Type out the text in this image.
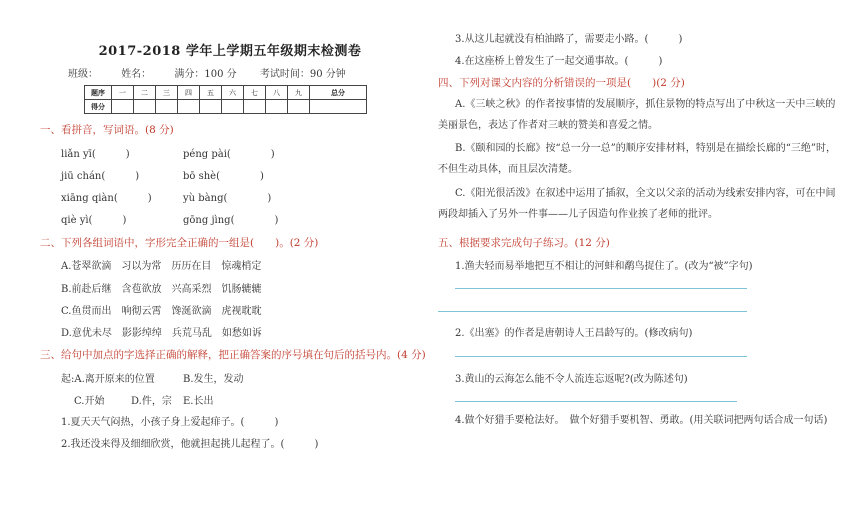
2017-2018 学年上学期五年级期末检测卷
班级： 姓名： 满分：100 分 考试时间：90 分钟
题序	一	二	三	四	五	六	七	八	九	总分
得分										
一、看拼音，写词语。(8 分)
liǎn yī(　　　)	péng pài(　　　　)
jiū chán(　　　)	bō shè(　　　　)
xiāng qiàn(　　　)	yù bàng(　　　　)
qiè yì(　　　)	gōng jìng(　　　　)
二、下列各组词语中，字形完全正确的一组是(　　)。(2 分)
A.苍翠欲滴　习以为常　历历在目　惊魂梢定
B.前赴后继　含苞欲放　兴高采烈　饥肠辘辘
C.鱼贯而出　响彻云霄　馋涎欲滴　虎视耽耽
D.意优未尽　影影绰绰　兵荒马乱　如愁如诉
三、给句中加点的字选择正确的解释，把正确答案的序号填在句后的括号内。(4 分)
起:A.离开原来的位置	B.发生，发动
C.开始	D.件，宗 E.长出
1.夏天天气闷热，小孩子身上爱起痱子。(　　　)
2.我还没来得及细细欣赏，他就担起挑儿起程了。(　　　)
3.从这儿起就没有柏油路了，需要走小路。(　　　)
4.在这座桥上曾发生了一起交通事故。(　　　)
四、下列对课文内容的分析错误的一项是(　　)(2 分)
A.《三峡之秋》的作者按事情的发展顺序，抓住景物的特点写出了中秋这一天中三峡的美丽景色，表达了作者对三峡的赞美和喜爱之情。
B.《颐和园的长廊》按“总一分一总”的顺序安排材料，特别是在描绘长廊的“三绝”时，不但生动具体，而且层次清楚。
C.《阳光很活泼》在叙述中运用了插叙，全文以父亲的活动为线索安排内容，可在中间两段却插入了另外一件事——儿子因造句作业挨了老师的批评。
五、根据要求完成句子练习。(12 分)
1.渔夫轻而易举地把互不相让的河蚌和鹬鸟捉住了。(改为“被”字句)
2.《出塞》的作者是唐朝诗人王昌龄写的。(修改病句)
3.黄山的云海怎么能不令人流连忘返呢?(改为陈述句)
4.做个好猎手要枪法好。　做个好猎手要机智、勇敢。(用关联词把两句话合成一句话)
